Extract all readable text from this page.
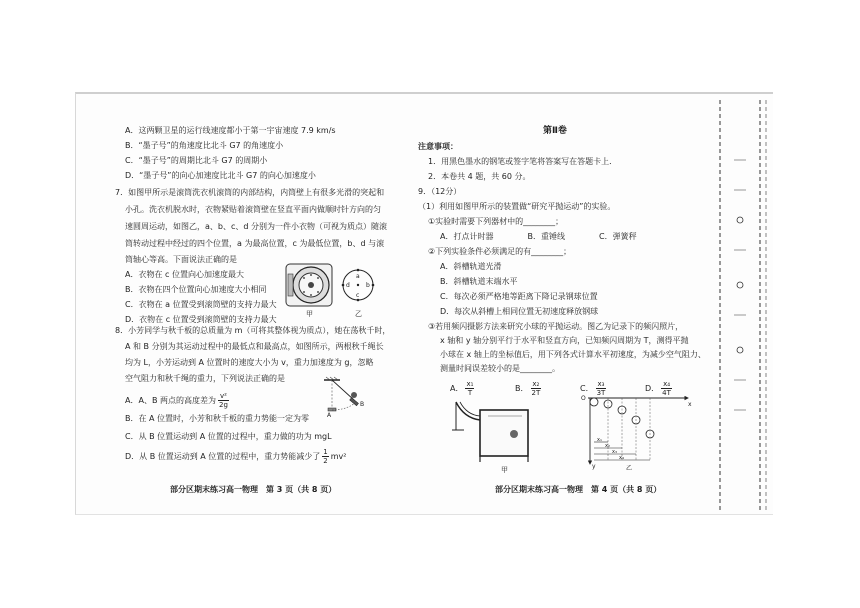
A．这两颗卫星的运行线速度都小于第一宇宙速度 7.9 km/s
B．“墨子号”的角速度比北斗 G7 的角速度小
C．“墨子号”的周期比北斗 G7 的周期小
D．“墨子号”的向心加速度比北斗 G7 的向心加速度小
7．如图甲所示是滚筒洗衣机滚筒的内部结构，内筒壁上有很多光滑的突起和
小孔。洗衣机脱水时，衣物紧贴着滚筒壁在竖直平面内做顺时针方向的匀
速圆周运动，如图乙，a、b、c、d 分别为一件小衣物（可视为质点）随滚
筒转动过程中经过的四个位置，a 为最高位置，c 为最低位置，b、d 与滚
筒轴心等高。下面说法正确的是
A．衣物在 c 位置向心加速度最大
B．衣物在四个位置向心加速度大小相同
C．衣物在 a 位置受到滚筒壁的支持力最大
D．衣物在 c 位置受到滚筒壁的支持力最大
甲
a
b
c
d
乙
8．小芳同学与秋千板的总质量为 m（可将其整体视为质点），她在荡秋千时，
A 和 B 分别为其运动过程中的最低点和最高点，如图所示，两根秋千绳长
均为 L，小芳运动到 A 位置时的速度大小为 v，重力加速度为 g，忽略
空气阻力和秋千绳的重力，下列说法正确的是
A．A、B 两点的高度差为 $\frac{\text{v²}}{2g}$
B．在 A 位置时，小芳和秋千板的重力势能一定为零
C．从 B 位置运动到 A 位置的过程中，重力做的功为 mgL
D．从 B 位置运动到 A 位置的过程中，重力势能减少了 $\frac{1}{2} mv^2$
A
B
部分区期末练习高一物理　第 3 页（共 8 页）
第Ⅱ卷
注意事项：
1．用黑色墨水的钢笔或签字笔将答案写在答题卡上．
2．本卷共 4 题，共 60 分。
9．（12分）
（1）利用如图甲所示的装置做“研究平抛运动”的实验。
①实验时需要下列器材中的________；
A．打点计时器	B．重锤线	C．弹簧秤
②下列实验条件必须满足的有________；
A．斜槽轨道光滑
B．斜槽轨道末端水平
C．每次必须严格地等距离下降记录钢球位置
D．每次从斜槽上相同位置无初速度释放钢球
③若用频闪摄影方法来研究小球的平抛运动。图乙为记录下的频闪照片，
x 轴和 y 轴分别平行于水平和竖直方向，已知频闪周期为 T，测得平抛
小球在 x 轴上的坐标值后，用下列各式计算水平初速度，为减少空气阻力、
测量时间误差较小的是________。
A． $\frac{\text{x₁}}{T}$	B． $\frac{\text{x₂}}{2T}$	C． $\frac{\text{x₃}}{3T}$	D． $\frac{\text{x₄}}{4T}$
甲
O
x
y
x₁
x₂
x₃
x₄
乙
部分区期末练习高一物理　第 4 页（共 8 页）
